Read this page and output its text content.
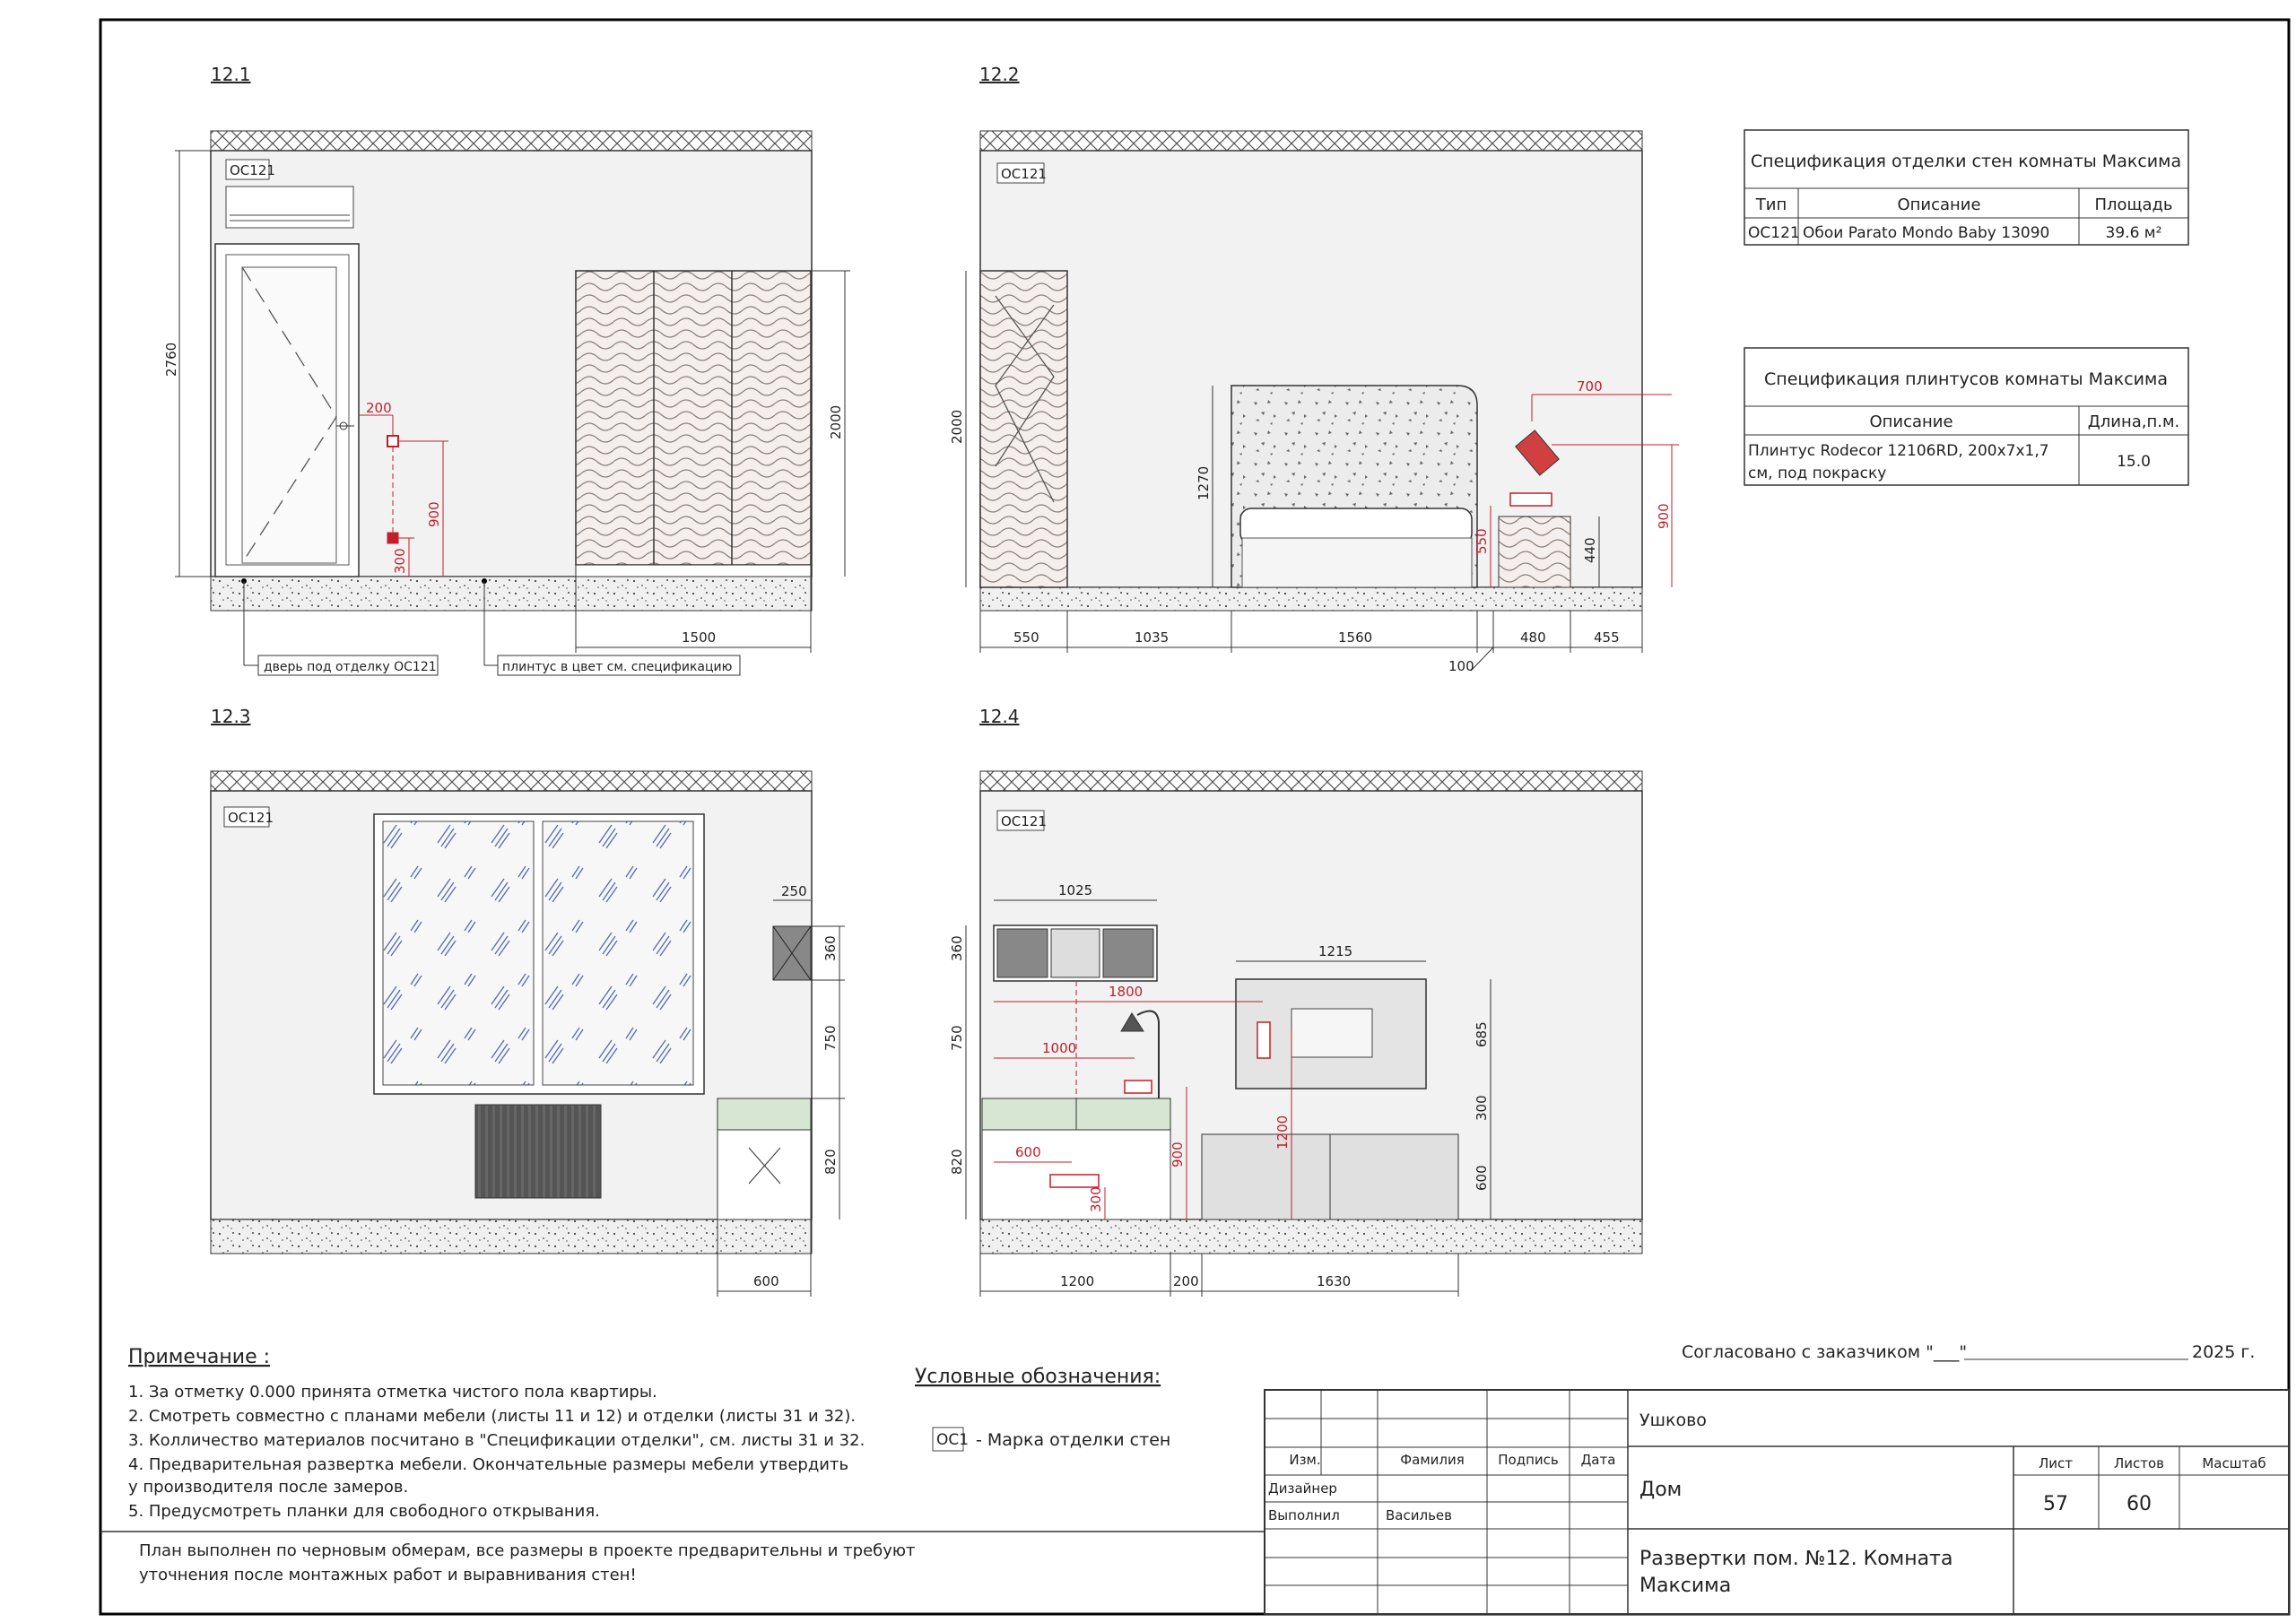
12.1
ОС121
200
900
300
2760
2000
1500
дверь под отделку ОС121	плинтус в цвет см. спецификацию
12.2
ОС121
700
900
550	440
2000
1270
550	1035	1560
100
480	455
12.3
ОС121
360
750
820
250
600
12.4
ОС121
1800
1000
600
300
900
1200
1025
1215
360
750
820
685
300
600
1200	200	1630
Спецификация отделки стен комнаты Максима
Тип	Описание	Площадь
ОС121 Обои Parato Mondo Baby 13090	39.6 м²
Спецификация плинтусов комнаты Максима
Описание	Длина,п.м.
Плинтус Rodecor 12106RD, 200х7х1,7
см, под покраску
15.0
Примечание :
1. За отметку 0.000 принята отметка чистого пола квартиры.
2. Смотреть совместно с планами мебели (листы 11 и 12) и отделки (листы 31 и 32).
3. Колличество материалов посчитано в "Спецификации отделки", см. листы 31 и 32.
4. Предварительная развертка мебели. Окончательные размеры мебели утвердить
у производителя после замеров.
5. Предусмотреть планки для свободного открывания.
Условные обозначения:
ОС1 - Марка отделки стен
Согласовано с заказчиком "___"	2025 г.
План выполнен по черновым обмерам, все размеры в проекте предварительны и требуют
уточнения после монтажных работ и выравнивания стен!
Изм.	Фамилия Подпись Дата
Дизайнер
Выполнил	Васильев
Ушково
Дом
Развертки пом. №12. Комната
Максима
Лист	Листов	Масштаб
57	60
